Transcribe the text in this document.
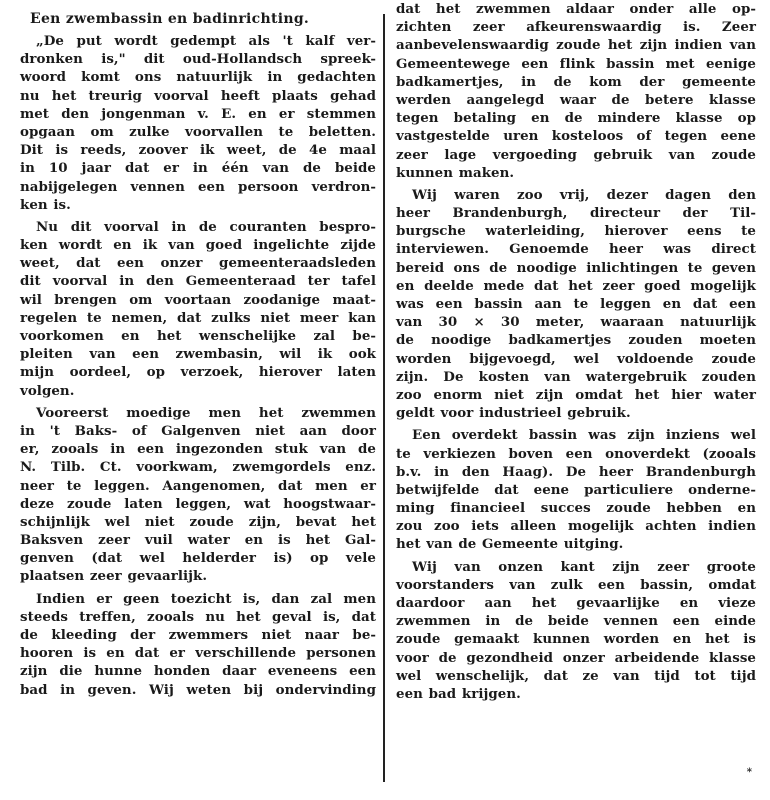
Een zwembassin en badinrichting.
„De put wordt gedempt als 't kalf ver-
dronken is," dit oud-Hollandsch spreek-
woord komt ons natuurlijk in gedachten
nu het treurig voorval heeft plaats gehad
met den jongenman v. E. en er stemmen
opgaan om zulke voorvallen te beletten.
Dit is reeds, zoover ik weet, de 4e maal
in 10 jaar dat er in één van de beide
nabijgelegen vennen een persoon verdron-
ken is.
Nu dit voorval in de couranten bespro-
ken wordt en ik van goed ingelichte zijde
weet, dat een onzer gemeenteraadsleden
dit voorval in den Gemeenteraad ter tafel
wil brengen om voortaan zoodanige maat-
regelen te nemen, dat zulks niet meer kan
voorkomen en het wenschelijke zal be-
pleiten van een zwembasin, wil ik ook
mijn oordeel, op verzoek, hierover laten
volgen.
Vooreerst moedige men het zwemmen
in 't Baks- of Galgenven niet aan door
er, zooals in een ingezonden stuk van de
N. Tilb. Ct. voorkwam, zwemgordels enz.
neer te leggen. Aangenomen, dat men er
deze zoude laten leggen, wat hoogstwaar-
schijnlijk wel niet zoude zijn, bevat het
Baksven zeer vuil water en is het Gal-
genven (dat wel helderder is) op vele
plaatsen zeer gevaarlijk.
Indien er geen toezicht is, dan zal men
steeds treffen, zooals nu het geval is, dat
de kleeding der zwemmers niet naar be-
hooren is en dat er verschillende personen
zijn die hunne honden daar eveneens een
bad in geven. Wij weten bij ondervinding
dat het zwemmen aldaar onder alle op-
zichten zeer afkeurenswaardig is. Zeer
aanbevelenswaardig zoude het zijn indien van
Gemeentewege een flink bassin met eenige
badkamertjes, in de kom der gemeente
werden aangelegd waar de betere klasse
tegen betaling en de mindere klasse op
vastgestelde uren kosteloos of tegen eene
zeer lage vergoeding gebruik van zoude
kunnen maken.
Wij waren zoo vrij, dezer dagen den
heer Brandenburgh, directeur der Til-
burgsche waterleiding, hierover eens te
interviewen. Genoemde heer was direct
bereid ons de noodige inlichtingen te geven
en deelde mede dat het zeer goed mogelijk
was een bassin aan te leggen en dat een
van 30 × 30 meter, waaraan natuurlijk
de noodige badkamertjes zouden moeten
worden bijgevoegd, wel voldoende zoude
zijn. De kosten van watergebruik zouden
zoo enorm niet zijn omdat het hier water
geldt voor industrieel gebruik.
Een overdekt bassin was zijn inziens wel
te verkiezen boven een onoverdekt (zooals
b.v. in den Haag). De heer Brandenburgh
betwijfelde dat eene particuliere onderne-
ming financieel succes zoude hebben en
zou zoo iets alleen mogelijk achten indien
het van de Gemeente uitging.
Wij van onzen kant zijn zeer groote
voorstanders van zulk een bassin, omdat
daardoor aan het gevaarlijke en vieze
zwemmen in de beide vennen een einde
zoude gemaakt kunnen worden en het is
voor de gezondheid onzer arbeidende klasse
wel wenschelijk, dat ze van tijd tot tijd
een bad krijgen.
*
